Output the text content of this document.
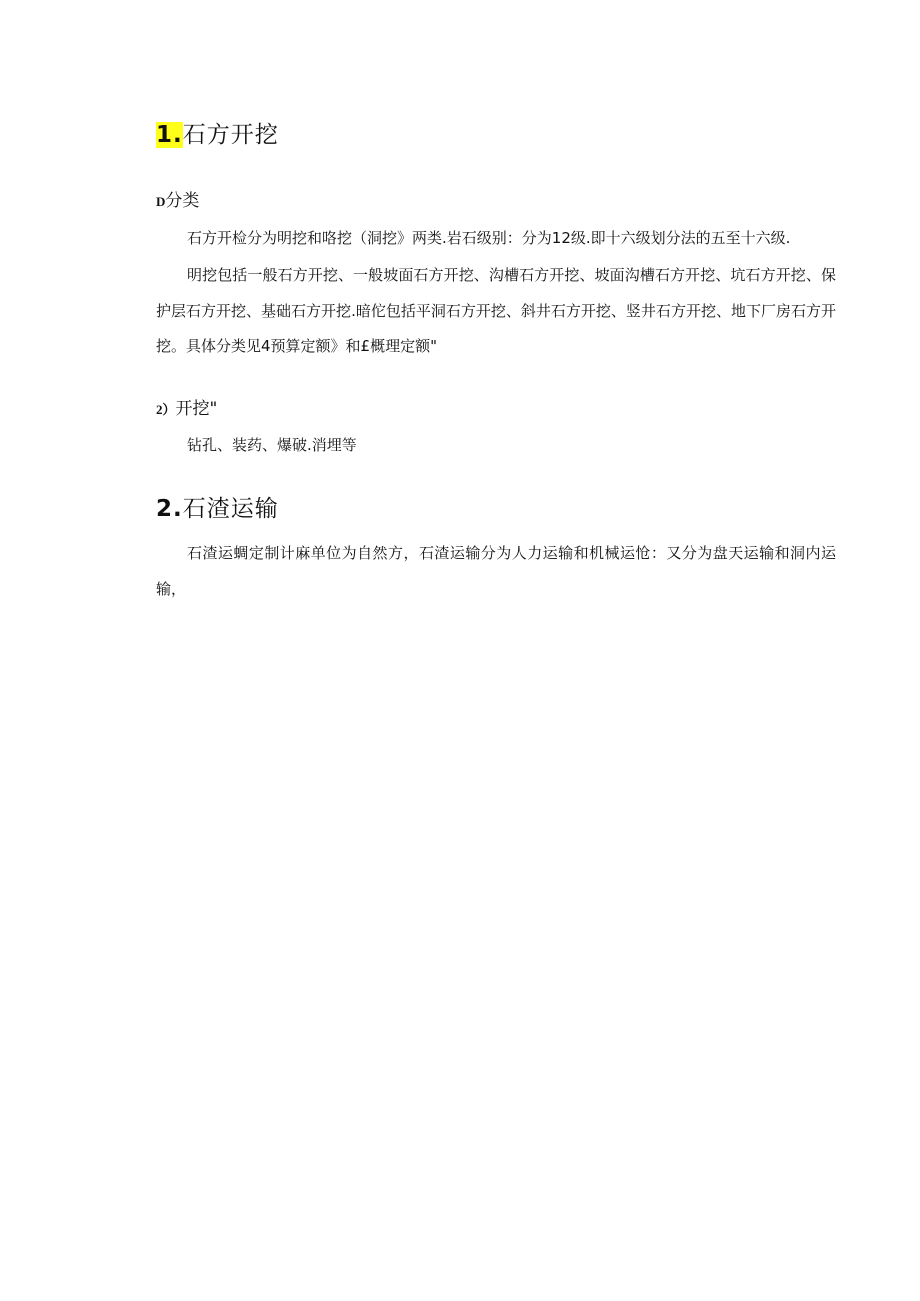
1.石方开挖
D分类
石方开检分为明挖和咯挖（洞挖》两类.岩石级别：分为12级.即十六级划分法的五至十六级.
明挖包括一般石方开挖、一般坡面石方开挖、沟槽石方开挖、坡面沟槽石方开挖、坑石方开挖、保护层石方开挖、基础石方开挖.暗佗包括平洞石方开挖、斜井石方开挖、竖井石方开挖、地下厂房石方开挖。具体分类见4预算定额》和£概理定额"
2）开挖"
钻孔、装药、爆破.消埋等
2.石渣运输
石渣运蜩定制计麻单位为自然方，石渣运输分为人力运输和机械运怆：又分为盘天运输和洞内运输，
